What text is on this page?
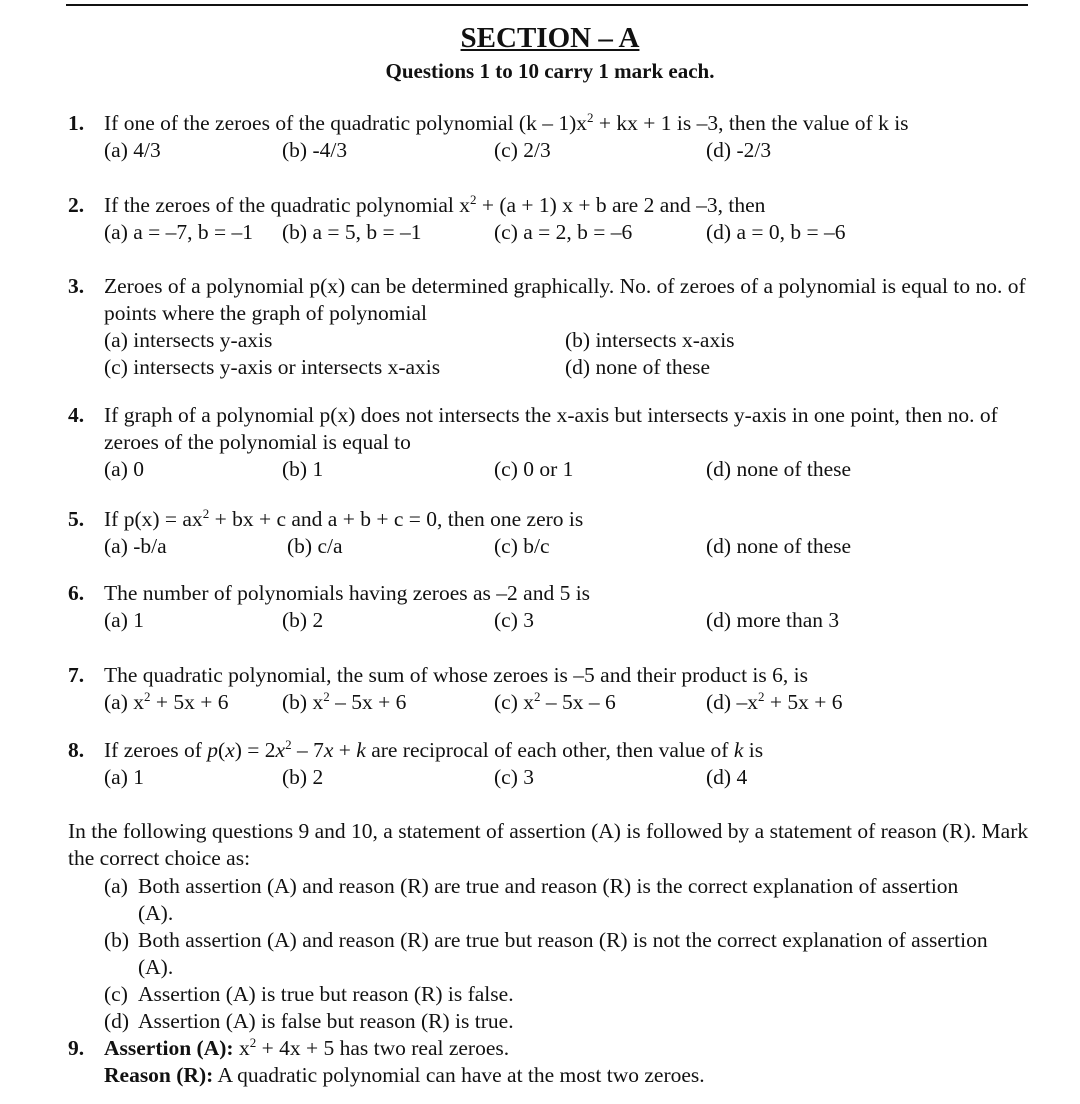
SECTION – A
Questions 1 to 10 carry 1 mark each.
1. If one of the zeroes of the quadratic polynomial $(k - 1)x^2$ + kx + 1 is –3, then the value of k is
(a) 4/3	(b) -4/3	(c) 2/3	(d) -2/3
2. If the zeroes of the quadratic polynomial $x^2 + (a + 1) x + b$ are 2 and –3, then
(a) a = –7, b = –1 (b) a = 5, b = –1	(c) a = 2, b = –6	(d) a = 0, b = –6
3. Zeroes of a polynomial p(x) can be determined graphically. No. of zeroes of a polynomial is equal to no. of points where the graph of polynomial
(a) intersects y-axis	(b) intersects x-axis
(c) intersects y-axis or intersects x-axis	(d) none of these
4. If graph of a polynomial p(x) does not intersects the x-axis but intersects y-axis in one point, then no. of zeroes of the polynomial is equal to
(a) 0	(b) 1	(c) 0 or 1	(d) none of these
5. If $p(x) = ax^2$ + bx + c and a + b + c = 0, then one zero is
(a) -b/a	(b) c/a	(c) b/c	(d) none of these
6. The number of polynomials having zeroes as –2 and 5 is
(a) 1	(b) 2	(c) 3	(d) more than 3
7. The quadratic polynomial, the sum of whose zeroes is –5 and their product is 6, is
(a) $x^2 + 5x + 6$ (b) $x^2 - 5x + 6$	(c) $x^2 - 5x - 6$	(d) $-x^2 + 5x + 6$
8. If zeroes of $p(x) = 2x^2 - 7x + k$ are reciprocal of each other, then value of k is
(a) 1	(b) 2	(c) 3	(d) 4
In the following questions 9 and 10, a statement of assertion (A) is followed by a statement of reason (R). Mark the correct choice as:
(a) Both assertion (A) and reason (R) are true and reason (R) is the correct explanation of assertion (A).
(b) Both assertion (A) and reason (R) are true but reason (R) is not the correct explanation of assertion (A).
(c) Assertion (A) is true but reason (R) is false.
(d) Assertion (A) is false but reason (R) is true.
9. Assertion (A): $x^2 + 4x + 5$ has two real zeroes.
Reason (R): A quadratic polynomial can have at the most two zeroes.
